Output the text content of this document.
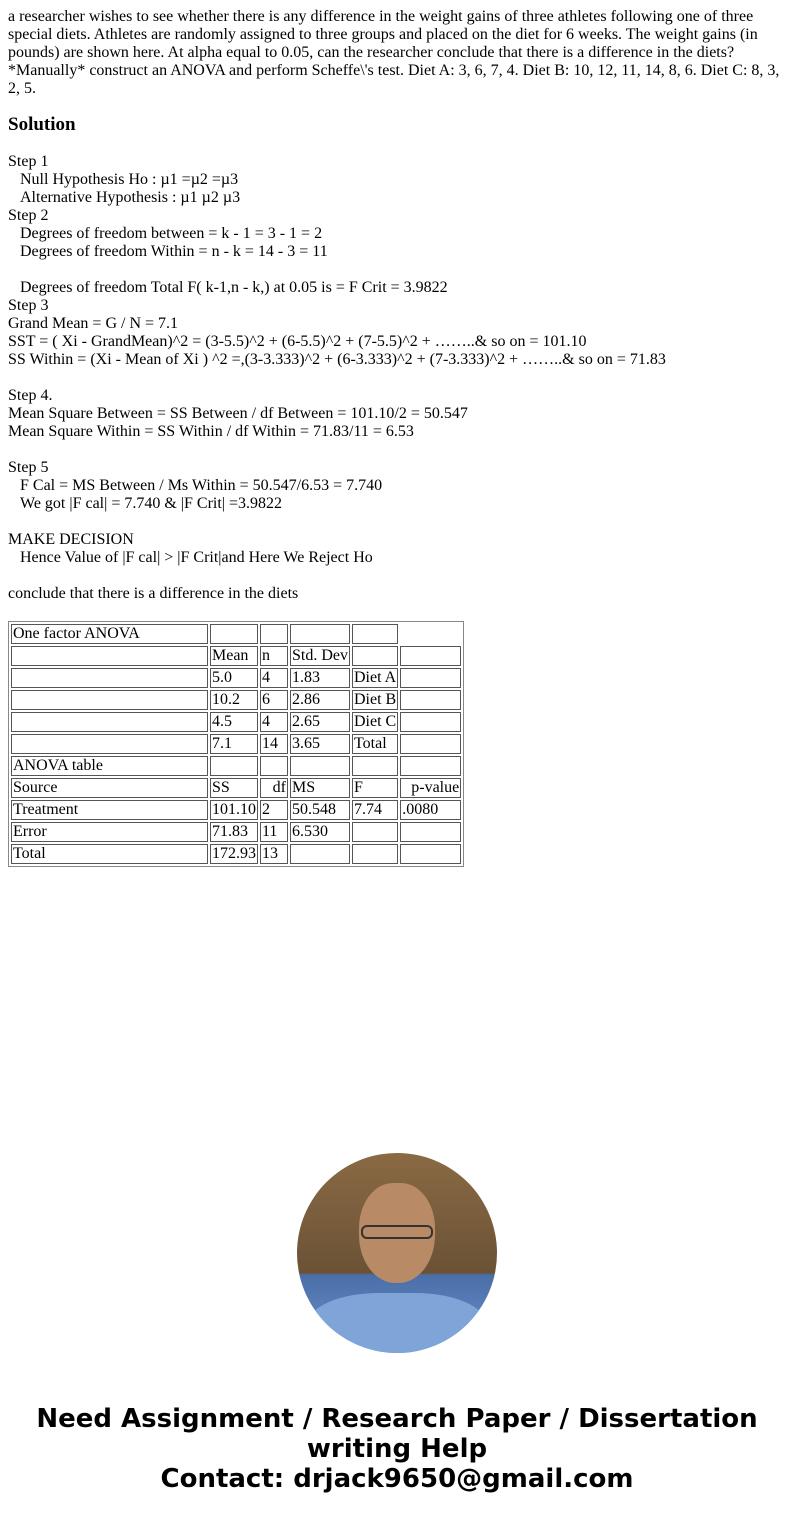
a researcher wishes to see whether there is any difference in the weight gains of three athletes following one of three special diets. Athletes are randomly assigned to three groups and placed on the diet for 6 weeks. The weight gains (in pounds) are shown here. At alpha equal to 0.05, can the researcher conclude that there is a difference in the diets? *Manually* construct an ANOVA and perform Scheffe\'s test. Diet A: 3, 6, 7, 4. Diet B: 10, 12, 11, 14, 8, 6. Diet C: 8, 3, 2, 5.

Solution

Step 1

Null Hypothesis Ho : µ1 =µ2 =µ3

Alternative Hypothesis : µ1 µ2 µ3

Step 2

Degrees of freedom between = k - 1 = 3 - 1 = 2

Degrees of freedom Within = n - k = 14 - 3 = 11

Degrees of freedom Total F( k-1,n - k,) at 0.05 is = F Crit = 3.9822

Step 3

Grand Mean = G / N = 7.1

SST = ( Xi - GrandMean)^2 = (3-5.5)^2 + (6-5.5)^2 + (7-5.5)^2 + ……..& so on = 101.10

SS Within = (Xi - Mean of Xi ) ^2 =,(3-3.333)^2 + (6-3.333)^2 + (7-3.333)^2 + ……..& so on = 71.83

Step 4.

Mean Square Between = SS Between / df Between = 101.10/2 = 50.547

Mean Square Within = SS Within / df Within = 71.83/11 = 6.53

Step 5

F Cal = MS Between / Ms Within = 50.547/6.53 = 7.740

We got |F cal| = 7.740 & |F Crit| =3.9822

MAKE DECISION

Hence Value of |F cal| > |F Crit|and Here We Reject Ho

conclude that there is a difference in the diets

One factor ANOVA					
	Mean	n	Std. Dev		
	5.0	4	1.83	Diet A	
	10.2	6	2.86	Diet B	
	4.5	4	2.65	Diet C	
	7.1	14	3.65	Total	
ANOVA table					
Source	SS	df	MS	F	p-value
Treatment	101.10	2	50.548	7.74	.0080
Error	71.83	11	6.530		
Total	172.93	13			
Need Assignment / Research Paper / Dissertation
writing Help
Contact: drjack9650@gmail.com
